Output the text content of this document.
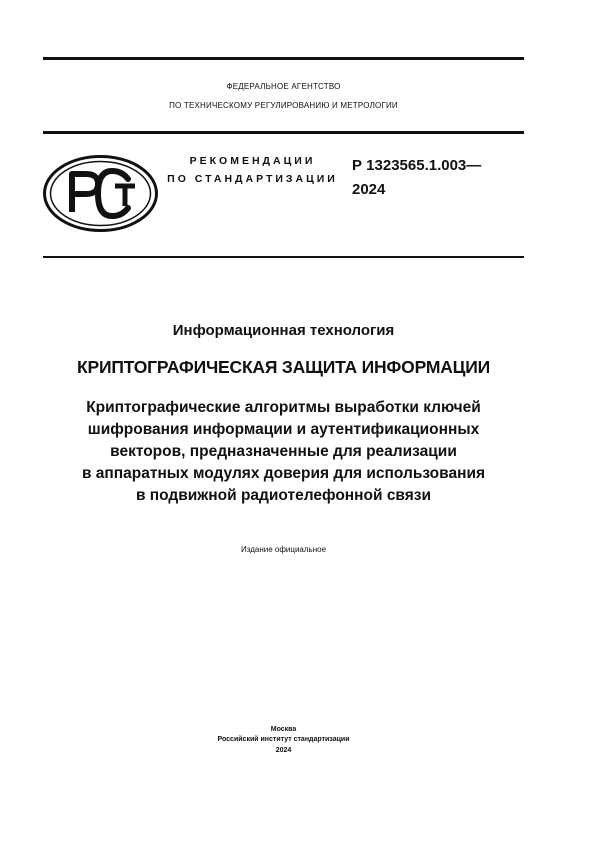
ФЕДЕРАЛЬНОЕ АГЕНТСТВО
ПО ТЕХНИЧЕСКОМУ РЕГУЛИРОВАНИЮ И МЕТРОЛОГИИ
РЕКОМЕНДАЦИИ
ПО СТАНДАРТИЗАЦИИ
Р 1323565.1.003—
2024
Информационная технология
КРИПТОГРАФИЧЕСКАЯ ЗАЩИТА ИНФОРМАЦИИ
Криптографические алгоритмы выработки ключей
шифрования информации и аутентификационных
векторов, предназначенные для реализации
в аппаратных модулях доверия для использования
в подвижной радиотелефонной связи
Издание официальное
Москва
Российский институт стандартизации
2024
